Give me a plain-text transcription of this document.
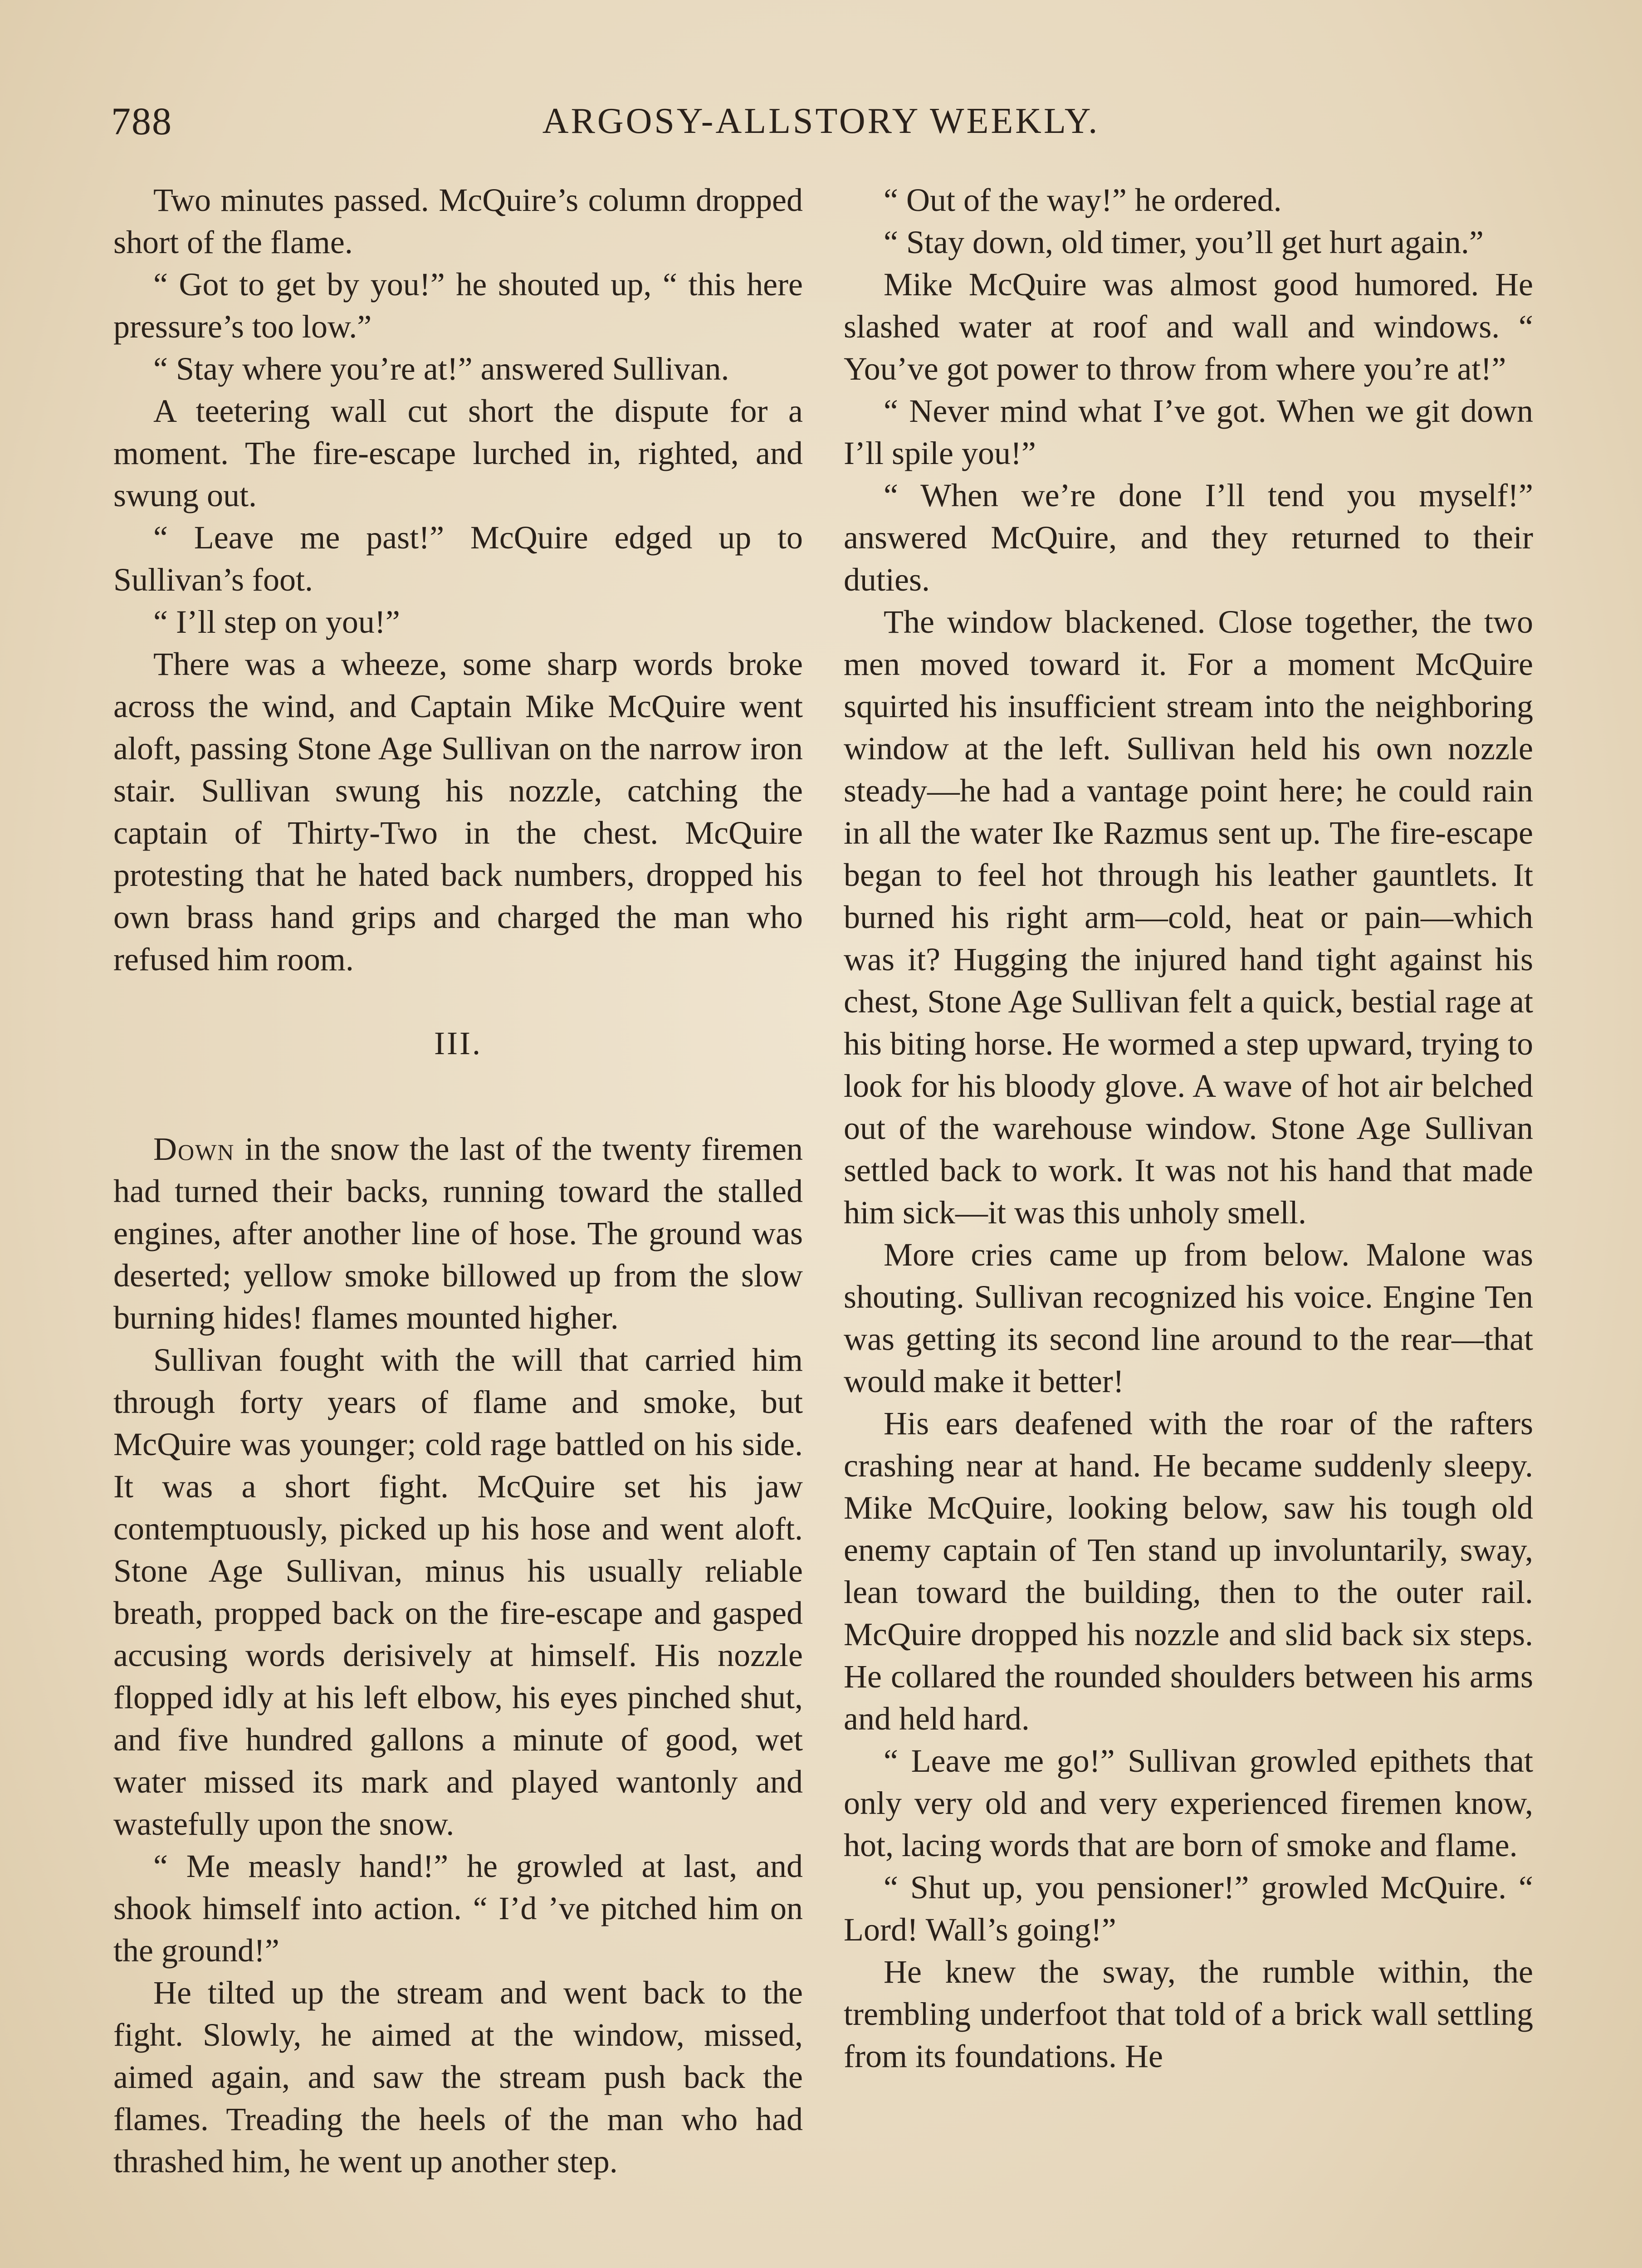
788	ARGOSY-ALLSTORY WEEKLY.

Two minutes passed. McQuire’s column dropped short of the flame.

“ Got to get by you!” he shouted up, “ this here pressure’s too low.”

“ Stay where you’re at!” answered Sullivan.

A teetering wall cut short the dispute for a moment. The fire-escape lurched in, righted, and swung out.

“ Leave me past!” McQuire edged up to Sullivan’s foot.

“ I’ll step on you!”

There was a wheeze, some sharp words broke across the wind, and Captain Mike McQuire went aloft, passing Stone Age Sullivan on the narrow iron stair. Sullivan swung his nozzle, catching the captain of Thirty-Two in the chest. McQuire protesting that he hated back numbers, dropped his own brass hand grips and charged the man who refused him room.

III.

Down in the snow the last of the twenty firemen had turned their backs, running toward the stalled engines, after another line of hose. The ground was deserted; yellow smoke billowed up from the slow burning hides! flames mounted higher.

Sullivan fought with the will that carried him through forty years of flame and smoke, but McQuire was younger; cold rage battled on his side. It was a short fight. McQuire set his jaw contemptuously, picked up his hose and went aloft. Stone Age Sullivan, minus his usually reliable breath, propped back on the fire-escape and gasped accusing words derisively at himself. His nozzle flopped idly at his left elbow, his eyes pinched shut, and five hundred gallons a minute of good, wet water missed its mark and played wantonly and wastefully upon the snow.

“ Me measly hand!” he growled at last, and shook himself into action. “ I’d ’ve pitched him on the ground!”

He tilted up the stream and went back to the fight. Slowly, he aimed at the window, missed, aimed again, and saw the stream push back the flames. Treading the heels of the man who had thrashed him, he went up another step.

“ Out of the way!” he ordered.

“ Stay down, old timer, you’ll get hurt again.”

Mike McQuire was almost good humored. He slashed water at roof and wall and windows. “ You’ve got power to throw from where you’re at!”

“ Never mind what I’ve got. When we git down I’ll spile you!”

“ When we’re done I’ll tend you myself!” answered McQuire, and they returned to their duties.

The window blackened. Close together, the two men moved toward it. For a moment McQuire squirted his insufficient stream into the neighboring window at the left. Sullivan held his own nozzle steady—he had a vantage point here; he could rain in all the water Ike Razmus sent up. The fire-escape began to feel hot through his leather gauntlets. It burned his right arm—cold, heat or pain—which was it? Hugging the injured hand tight against his chest, Stone Age Sullivan felt a quick, bestial rage at his biting horse. He wormed a step upward, trying to look for his bloody glove. A wave of hot air belched out of the warehouse window. Stone Age Sullivan settled back to work. It was not his hand that made him sick—it was this unholy smell.

More cries came up from below. Malone was shouting. Sullivan recognized his voice. Engine Ten was getting its second line around to the rear—that would make it better!

His ears deafened with the roar of the rafters crashing near at hand. He became suddenly sleepy. Mike McQuire, looking below, saw his tough old enemy captain of Ten stand up involuntarily, sway, lean toward the building, then to the outer rail. McQuire dropped his nozzle and slid back six steps. He collared the rounded shoulders between his arms and held hard.

“ Leave me go!” Sullivan growled epithets that only very old and very experienced firemen know, hot, lacing words that are born of smoke and flame.

“ Shut up, you pensioner!” growled McQuire. “ Lord! Wall’s going!”

He knew the sway, the rumble within, the trembling underfoot that told of a brick wall settling from its foundations. He
